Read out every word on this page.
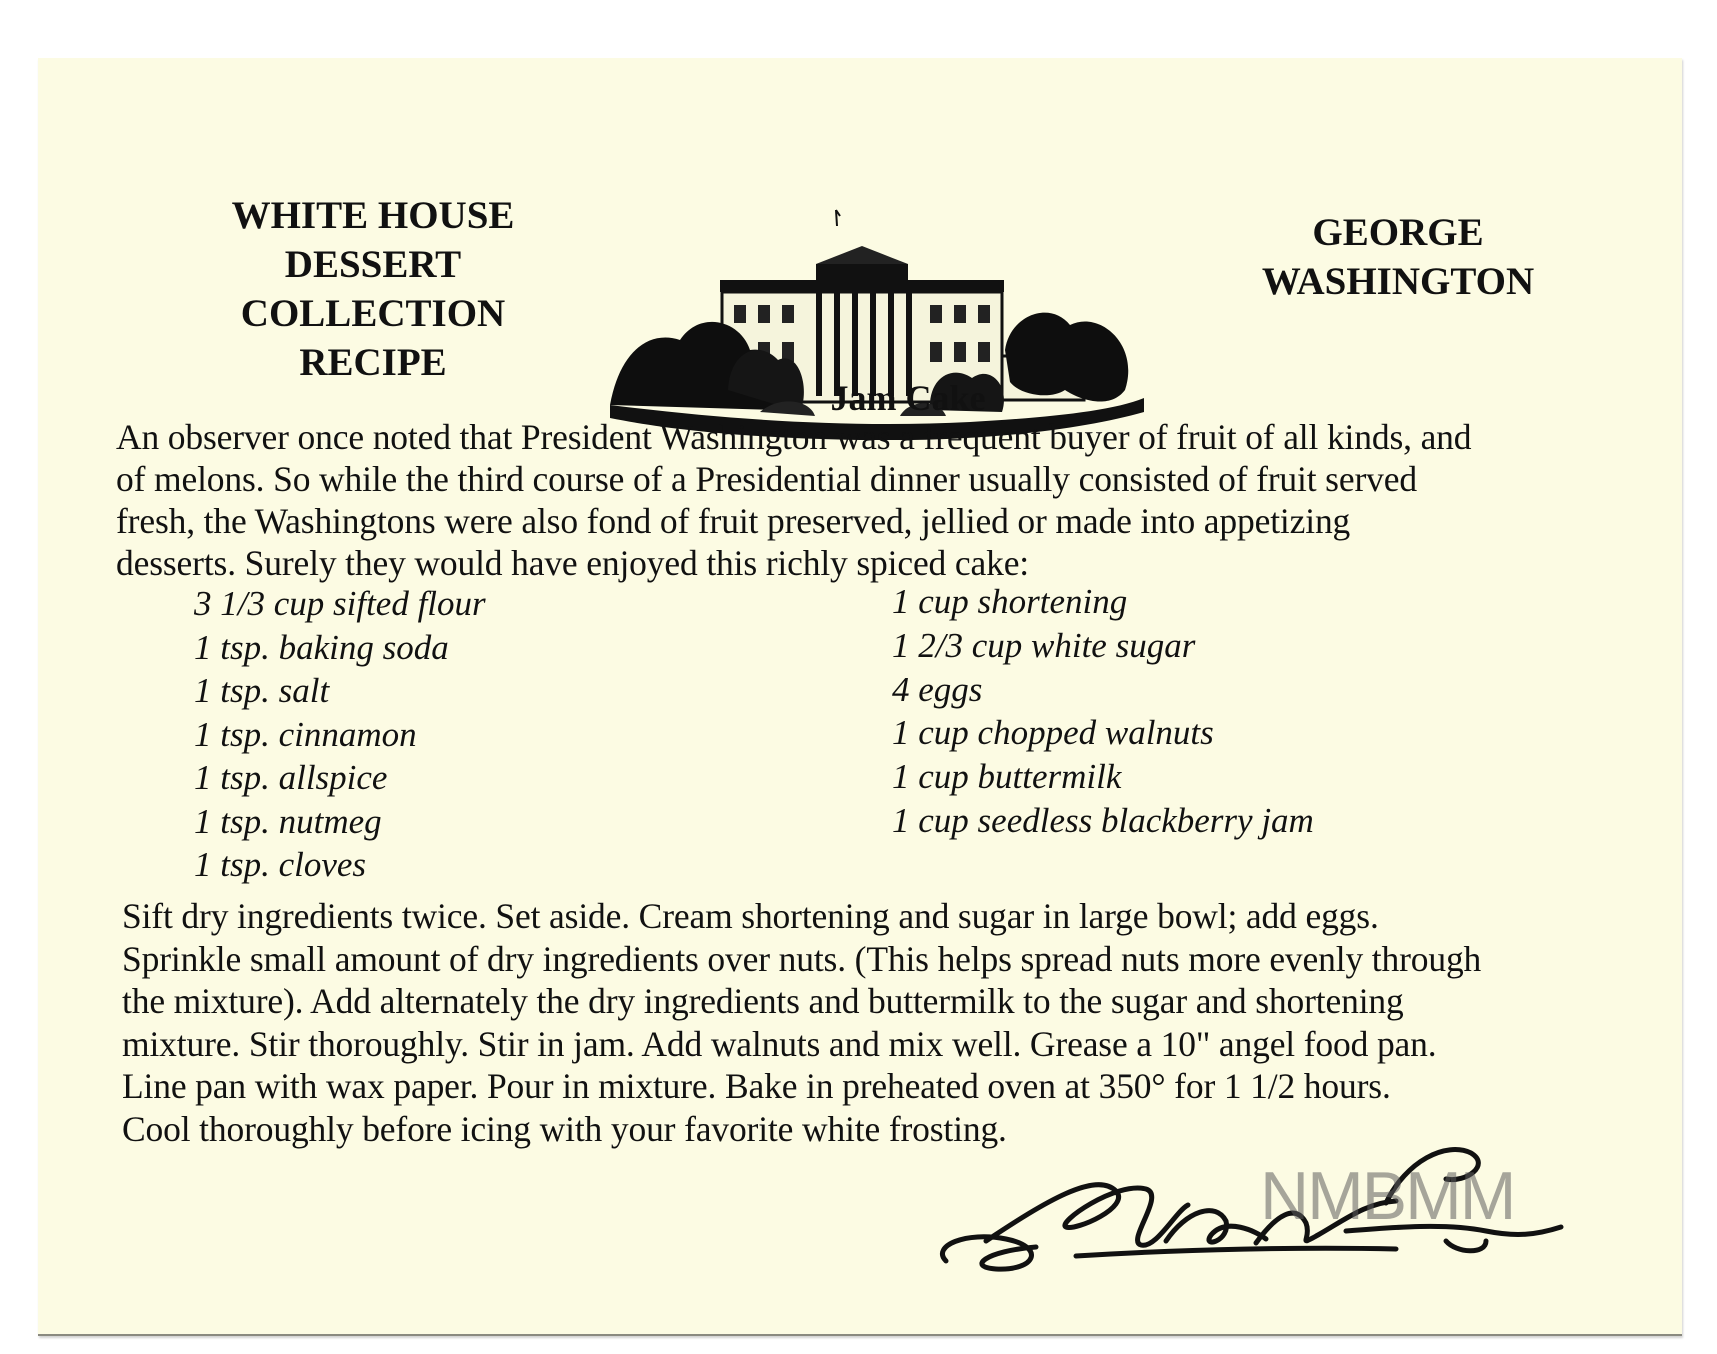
WHITE HOUSE
DESSERT
COLLECTION
RECIPE
GEORGE
WASHINGTON
Jam Cake

An observer once noted that President Washington was a frequent buyer of fruit of all kinds, and
of melons. So while the third course of a Presidential dinner usually consisted of fruit served
fresh, the Washingtons were also fond of fruit preserved, jellied or made into appetizing
desserts. Surely they would have enjoyed this richly spiced cake:

3 1/3 cup sifted flour
1 tsp. baking soda
1 tsp. salt
1 tsp. cinnamon
1 tsp. allspice
1 tsp. nutmeg
1 tsp. cloves
1 cup shortening
1 2/3 cup white sugar
4 eggs
1 cup chopped walnuts
1 cup buttermilk
1 cup seedless blackberry jam

Sift dry ingredients twice. Set aside. Cream shortening and sugar in large bowl; add eggs.
Sprinkle small amount of dry ingredients over nuts. (This helps spread nuts more evenly through
the mixture). Add alternately the dry ingredients and buttermilk to the sugar and shortening
mixture. Stir thoroughly. Stir in jam. Add walnuts and mix well. Grease a 10" angel food pan.
Line pan with wax paper. Pour in mixture. Bake in preheated oven at 350° for 1 1/2 hours.
Cool thoroughly before icing with your favorite white frosting.

NMBMM
